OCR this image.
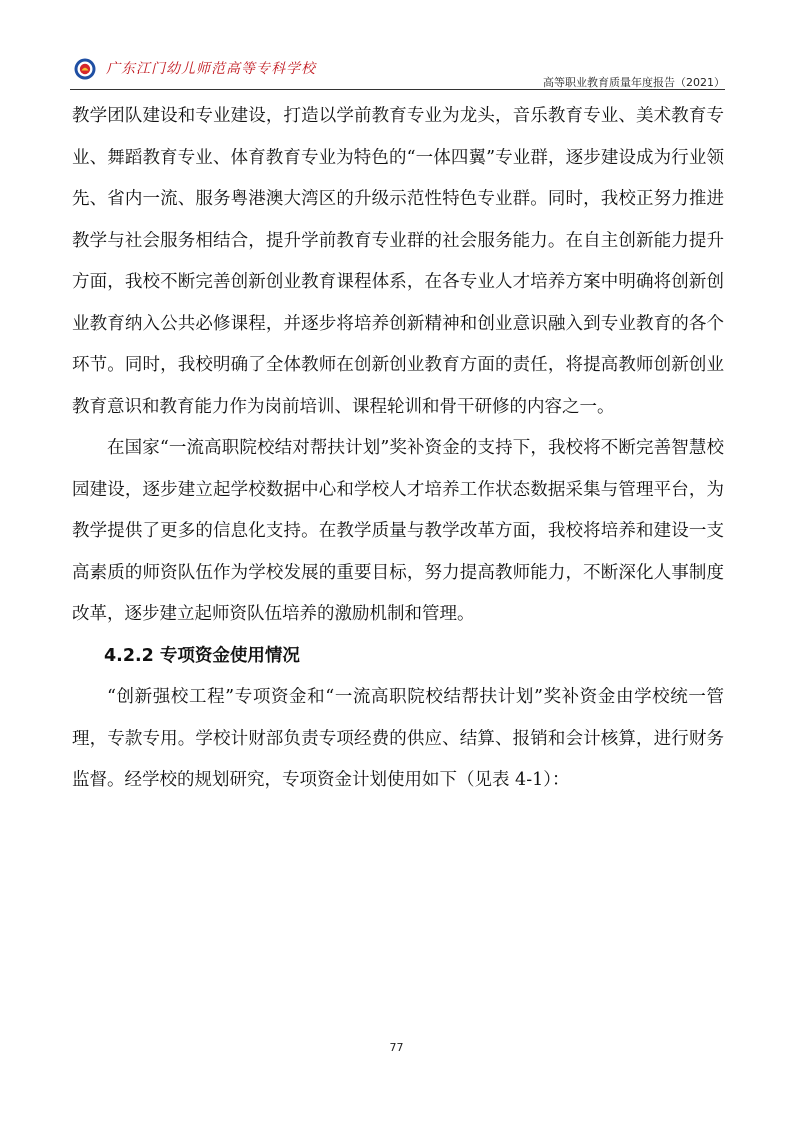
广东江门幼儿师范高等专科学校
高等职业教育质量年度报告（2021）

教学团队建设和专业建设，打造以学前教育专业为龙头，音乐教育专业、美术教育专业、舞蹈教育专业、体育教育专业为特色的“一体四翼”专业群，逐步建设成为行业领先、省内一流、服务粤港澳大湾区的升级示范性特色专业群。同时，我校正努力推进教学与社会服务相结合，提升学前教育专业群的社会服务能力。在自主创新能力提升方面，我校不断完善创新创业教育课程体系，在各专业人才培养方案中明确将创新创业教育纳入公共必修课程，并逐步将培养创新精神和创业意识融入到专业教育的各个环节。同时，我校明确了全体教师在创新创业教育方面的责任，将提高教师创新创业教育意识和教育能力作为岗前培训、课程轮训和骨干研修的内容之一。

在国家“一流高职院校结对帮扶计划”奖补资金的支持下，我校将不断完善智慧校园建设，逐步建立起学校数据中心和学校人才培养工作状态数据采集与管理平台，为教学提供了更多的信息化支持。在教学质量与教学改革方面，我校将培养和建设一支高素质的师资队伍作为学校发展的重要目标，努力提高教师能力，不断深化人事制度改革，逐步建立起师资队伍培养的激励机制和管理。

4.2.2 专项资金使用情况

“创新强校工程”专项资金和“一流高职院校结帮扶计划”奖补资金由学校统一管理，专款专用。学校计财部负责专项经费的供应、结算、报销和会计核算，进行财务监督。经学校的规划研究，专项资金计划使用如下（见表 4-1）：

77
